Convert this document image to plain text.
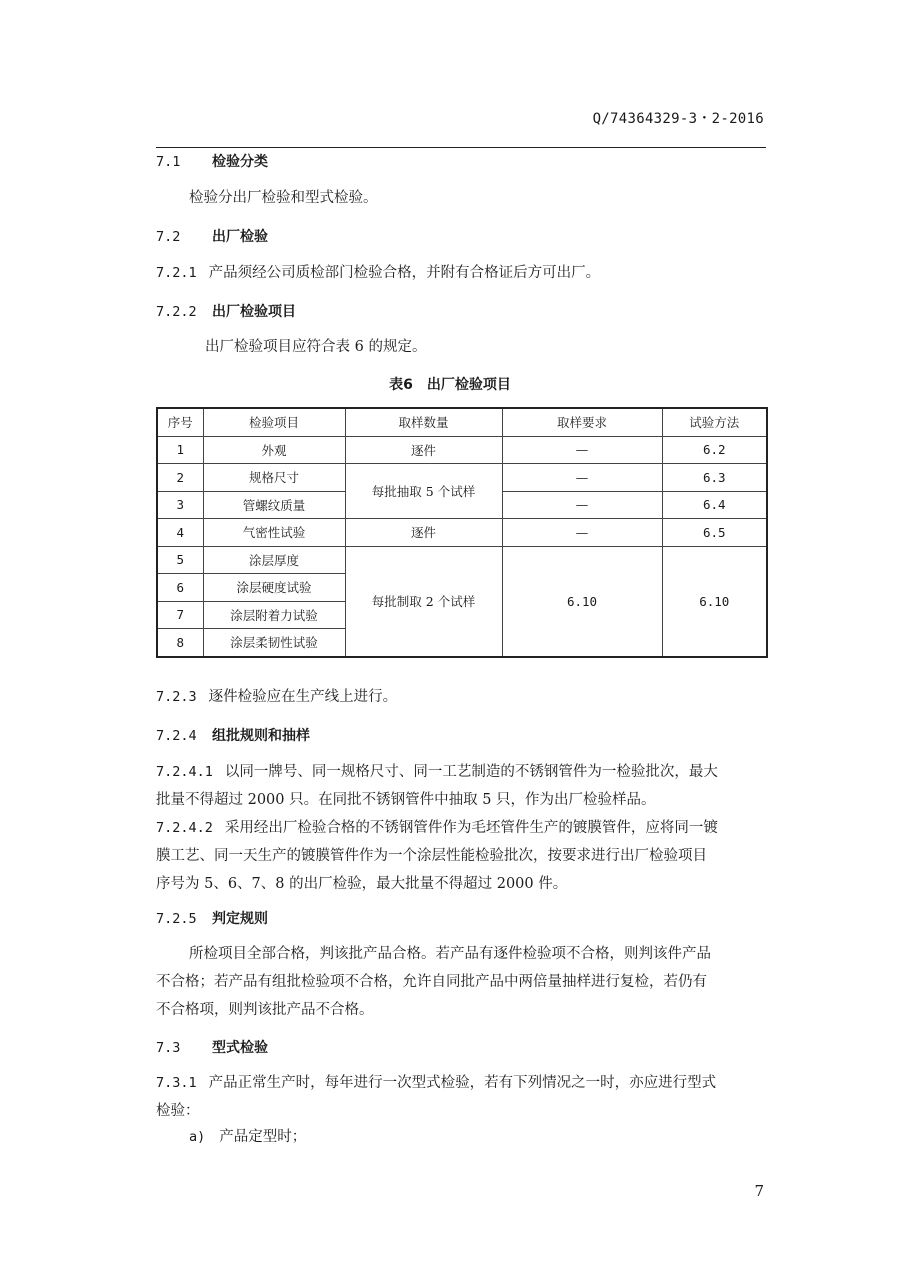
Q/74364329-3・2-2016
7.1 检验分类
检验分出厂检验和型式检验。
7.2 出厂检验
7.2.1 产品须经公司质检部门检验合格，并附有合格证后方可出厂。
7.2.2 出厂检验项目
出厂检验项目应符合表 6 的规定。
表6　出厂检验项目
序号	检验项目	取样数量	取样要求	试验方法
1	外观	逐件	—	6.2
2	规格尺寸	每批抽取 5 个试样	—	6.3
3	管螺纹质量		—	6.4
4	气密性试验	逐件	—	6.5
5	涂层厚度	每批制取 2 个试样	6.10	6.10
6	涂层硬度试验			
7	涂层附着力试验			
8	涂层柔韧性试验			
7.2.3 逐件检验应在生产线上进行。
7.2.4 组批规则和抽样
7.2.4.1 以同一牌号、同一规格尺寸、同一工艺制造的不锈钢管件为一检验批次，最大
批量不得超过 2000 只。在同批不锈钢管件中抽取 5 只，作为出厂检验样品。
7.2.4.2 采用经出厂检验合格的不锈钢管件作为毛坯管件生产的镀膜管件，应将同一镀
膜工艺、同一天生产的镀膜管件作为一个涂层性能检验批次，按要求进行出厂检验项目
序号为 5、6、7、8 的出厂检验，最大批量不得超过 2000 件。
7.2.5 判定规则
所检项目全部合格，判该批产品合格。若产品有逐件检验项不合格，则判该件产品
不合格；若产品有组批检验项不合格，允许自同批产品中两倍量抽样进行复检，若仍有
不合格项，则判该批产品不合格。
7.3 型式检验
7.3.1 产品正常生产时，每年进行一次型式检验，若有下列情况之一时，亦应进行型式
检验：
a) 产品定型时；
7
